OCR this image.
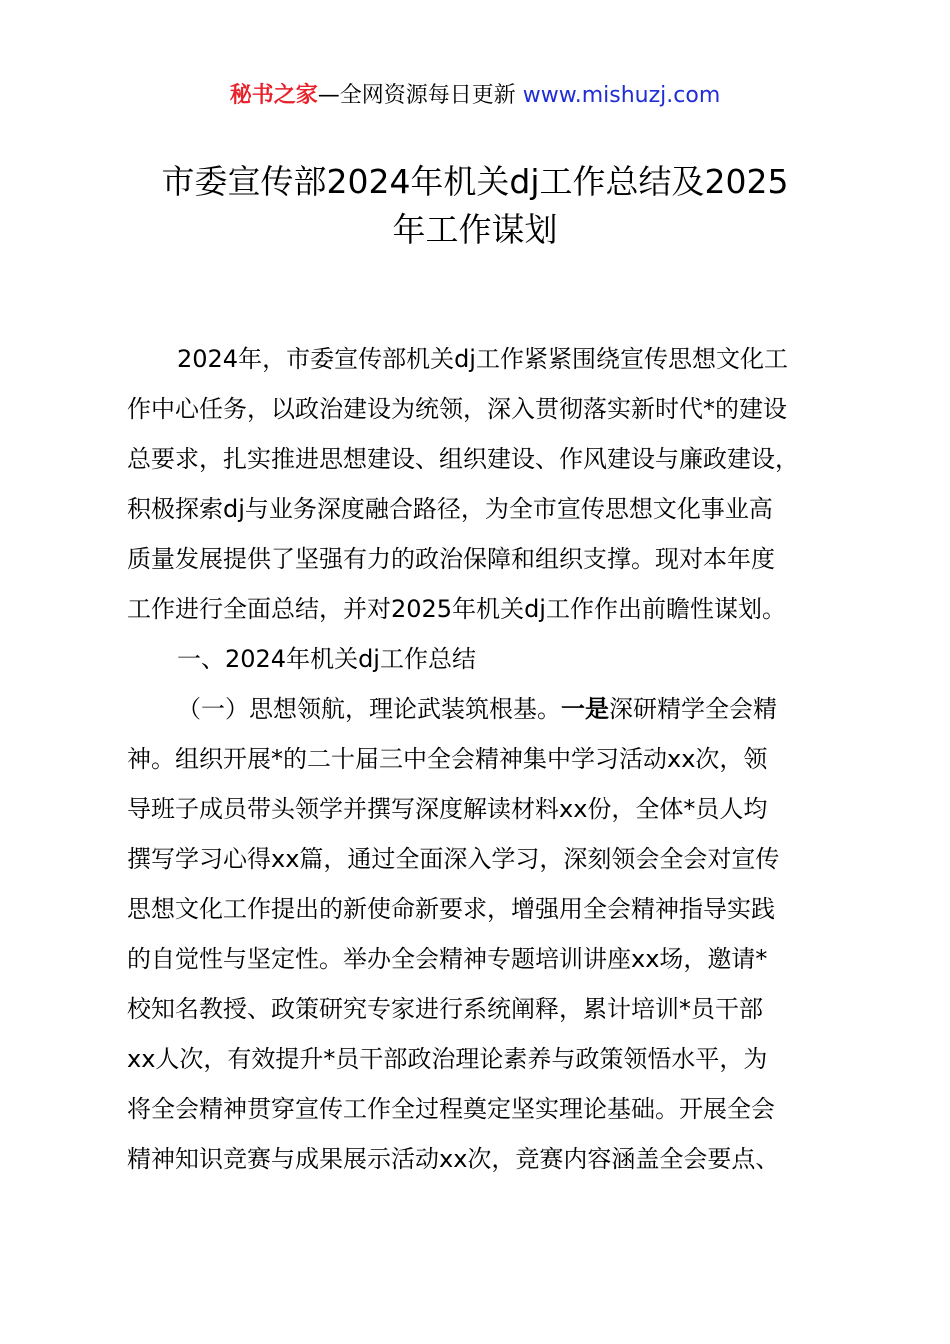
秘书之家—全网资源每日更新 www.mishuzj.com
市委宣传部2024年机关dj工作总结及2025
年工作谋划
2024年，市委宣传部机关dj工作紧紧围绕宣传思想文化工
作中心任务，以政治建设为统领，深入贯彻落实新时代*的建设
总要求，扎实推进思想建设、组织建设、作风建设与廉政建设，
积极探索dj与业务深度融合路径，为全市宣传思想文化事业高
质量发展提供了坚强有力的政治保障和组织支撑。现对本年度
工作进行全面总结，并对2025年机关dj工作作出前瞻性谋划。
一、2024年机关dj工作总结
（一）思想领航，理论武装筑根基。一是深研精学全会精
神。组织开展*的二十届三中全会精神集中学习活动xx次，领
导班子成员带头领学并撰写深度解读材料xx份，全体*员人均
撰写学习心得xx篇，通过全面深入学习，深刻领会全会对宣传
思想文化工作提出的新使命新要求，增强用全会精神指导实践
的自觉性与坚定性。举办全会精神专题培训讲座xx场，邀请*
校知名教授、政策研究专家进行系统阐释，累计培训*员干部
xx人次，有效提升*员干部政治理论素养与政策领悟水平，为
将全会精神贯穿宣传工作全过程奠定坚实理论基础。开展全会
精神知识竞赛与成果展示活动xx次，竞赛内容涵盖全会要点、
